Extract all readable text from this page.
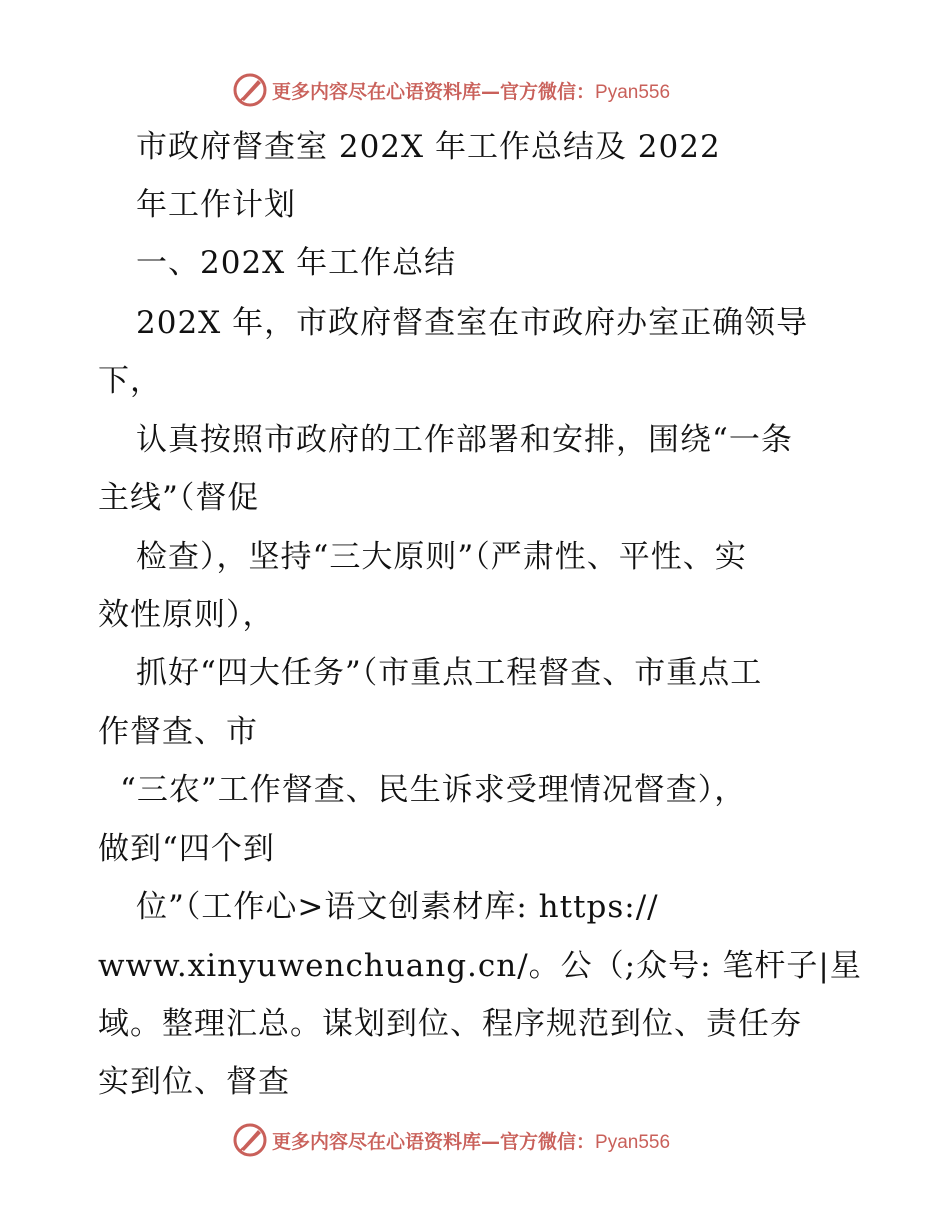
更多内容尽在心语资料库—官方微信：Pyan556
市政府督查室 202X 年工作总结及 2022
年工作计划
一、202X 年工作总结
202X 年，市政府督查室在市政府办室正确领导
下，
认真按照市政府的工作部署和安排，围绕“一条
主线”（督促
检查），坚持“三大原则”（严肃性、平性、实
效性原则），
抓好“四大任务”（市重点工程督查、市重点工
作督查、市
“三农”工作督查、民生诉求受理情况督查），
做到“四个到
位”（工作心>语文创素材库: https://
www.xinyuwenchuang.cn/。公（;众号: 笔杆子|星
域。整理汇总。谋划到位、程序规范到位、责任夯
实到位、督查
更多内容尽在心语资料库—官方微信：Pyan556
